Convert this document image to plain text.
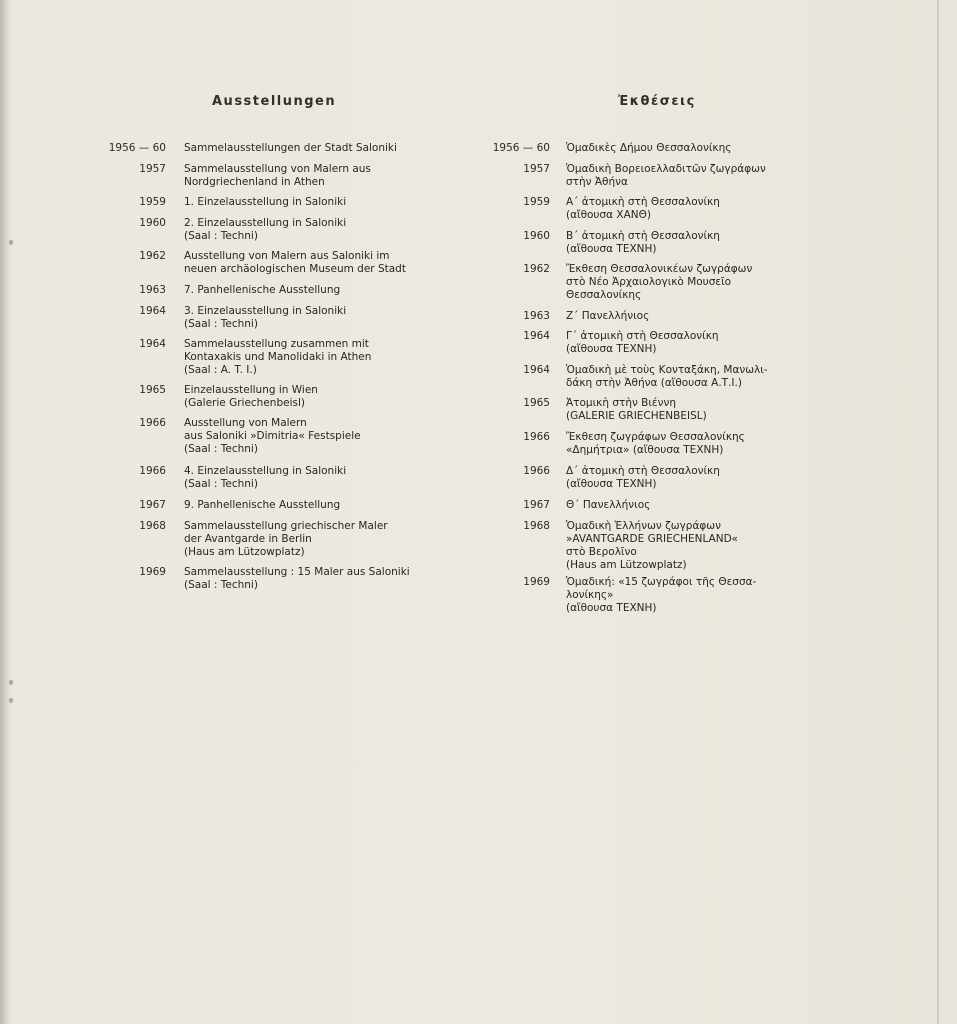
Ausstellungen
1956 — 60 Sammelausstellungen der Stadt Saloniki
1957 Sammelausstellung von Malern aus
Nordgriechenland in Athen
1959 1. Einzelausstellung in Saloniki
1960 2. Einzelausstellung in Saloniki
(Saal : Techni)
1962 Ausstellung von Malern aus Saloniki im
neuen archäologischen Museum der Stadt
1963 7. Panhellenische Ausstellung
1964 3. Einzelausstellung in Saloniki
(Saal : Techni)
1964 Sammelausstellung zusammen mit
Kontaxakis und Manolidaki in Athen
(Saal : A. T. I.)
1965 Einzelausstellung in Wien
(Galerie Griechenbeisl)
1966 Ausstellung von Malern
aus Saloniki »Dimitria« Festspiele
(Saal : Techni)
1966 4. Einzelausstellung in Saloniki
(Saal : Techni)
1967 9. Panhellenische Ausstellung
1968 Sammelausstellung griechischer Maler
der Avantgarde in Berlin
(Haus am Lützowplatz)
1969 Sammelausstellung : 15 Maler aus Saloniki
(Saal : Techni)
Ἐκθέσεις
1956 — 60 Ὁμαδικὲς Δήμου Θεσσαλονίκης
1957 Ὁμαδικὴ Βορειοελλαδιτῶν ζωγράφων
στὴν Ἀθήνα
1959 Α΄ ἀτομικὴ στὴ Θεσσαλονίκη
(αἴθουσα ΧΑΝΘ)
1960 Β΄ ἀτομικὴ στὴ Θεσσαλονίκη
(αἴθουσα ΤΕΧΝΗ)
1962 Ἔκθεση Θεσσαλονικέων ζωγράφων
στὸ Νέο Ἀρχαιολογικὸ Μουσεῖο
Θεσσαλονίκης
1963 Ζ΄ Πανελλήνιος
1964 Γ΄ ἀτομικὴ στὴ Θεσσαλονίκη
(αἴθουσα ΤΕΧΝΗ)
1964 Ὁμαδικὴ μὲ τοὺς Κονταξάκη, Μανωλι-
δάκη στὴν Ἀθήνα (αἴθουσα Α.Τ.Ι.)
1965 Ἀτομικὴ στὴν Βιέννη
(GALERIE GRIECHENBEISL)
1966 Ἔκθεση ζωγράφων Θεσσαλονίκης
«Δημήτρια» (αἴθουσα ΤΕΧΝΗ)
1966 Δ΄ ἀτομικὴ στὴ Θεσσαλονίκη
(αἴθουσα ΤΕΧΝΗ)
1967 Θ΄ Πανελλήνιος
1968 Ὁμαδικὴ Ἑλλήνων ζωγράφων
»AVANTGARDE GRIECHENLAND«
στὸ Βερολῖνο
(Haus am Lützowplatz)
1969 Ὁμαδική: «15 ζωγράφοι τῆς Θεσσα-
λονίκης»
(αἴθουσα ΤΕΧΝΗ)
